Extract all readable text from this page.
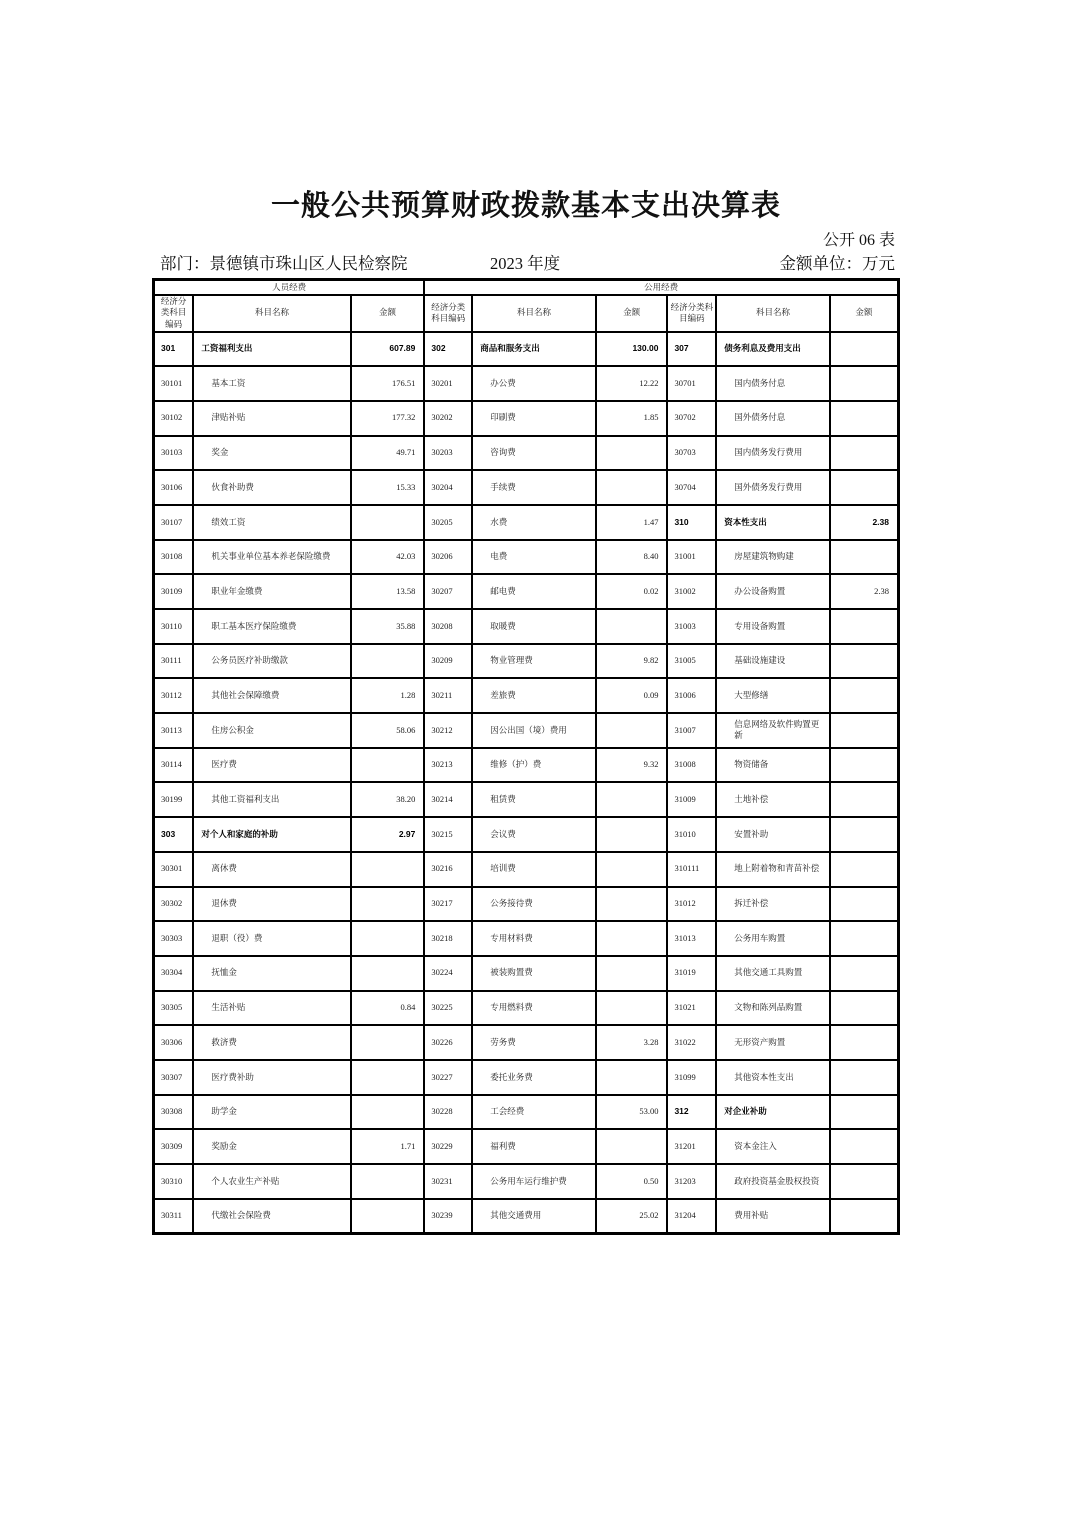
一般公共预算财政拨款基本支出决算表
公开 06 表
部门：景德镇市珠山区人民检察院	2023 年度	金额单位：万元
人员经费			公用经费					
经济分类科目编码	科目名称	金额	经济分类科目编码	科目名称	金额	经济分类科目编码	科目名称	金额
301	工资福利支出	607.89	302	商品和服务支出	130.00	307	债务利息及费用支出	
30101	基本工资	176.51	30201	办公费	12.22	30701	国内债务付息	
30102	津贴补贴	177.32	30202	印刷费	1.85	30702	国外债务付息	
30103	奖金	49.71	30203	咨询费		30703	国内债务发行费用	
30106	伙食补助费	15.33	30204	手续费		30704	国外债务发行费用	
30107	绩效工资		30205	水费	1.47	310	资本性支出	2.38
30108	机关事业单位基本养老保险缴费	42.03	30206	电费	8.40	31001	房屋建筑物购建	
30109	职业年金缴费	13.58	30207	邮电费	0.02	31002	办公设备购置	2.38
30110	职工基本医疗保险缴费	35.88	30208	取暖费		31003	专用设备购置	
30111	公务员医疗补助缴款		30209	物业管理费	9.82	31005	基础设施建设	
30112	其他社会保障缴费	1.28	30211	差旅费	0.09	31006	大型修缮	
30113	住房公积金	58.06	30212	因公出国（境）费用		31007	信息网络及软件购置更新	
30114	医疗费		30213	维修（护）费	9.32	31008	物资储备	
30199	其他工资福利支出	38.20	30214	租赁费		31009	土地补偿	
303	对个人和家庭的补助	2.97	30215	会议费		31010	安置补助	
30301	离休费		30216	培训费		310111	地上附着物和青苗补偿	
30302	退休费		30217	公务接待费		31012	拆迁补偿	
30303	退职（役）费		30218	专用材料费		31013	公务用车购置	
30304	抚恤金		30224	被装购置费		31019	其他交通工具购置	
30305	生活补贴	0.84	30225	专用燃料费		31021	文物和陈列品购置	
30306	救济费		30226	劳务费	3.28	31022	无形资产购置	
30307	医疗费补助		30227	委托业务费		31099	其他资本性支出	
30308	助学金		30228	工会经费	53.00	312	对企业补助	
30309	奖励金	1.71	30229	福利费		31201	资本金注入	
30310	个人农业生产补贴		30231	公务用车运行维护费	0.50	31203	政府投资基金股权投资	
30311	代缴社会保险费		30239	其他交通费用	25.02	31204	费用补贴	
